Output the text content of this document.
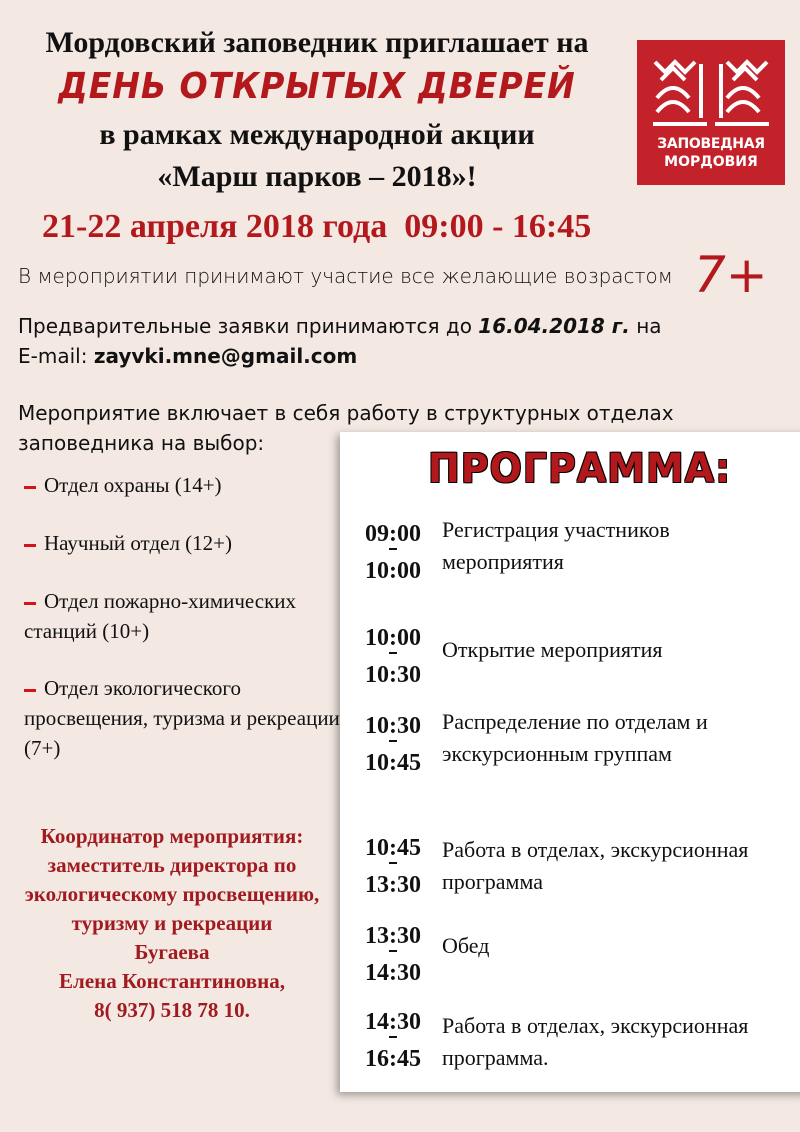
Мордовский заповедник приглашает на
ДЕНЬ ОТКРЫТЫХ ДВЕРЕЙ
в рамках международной акции
«Марш парков – 2018»!
ЗАПОВЕДНАЯ
МОРДОВИЯ
21-22 апреля 2018 года  09:00 - 16:45
В мероприятии принимают участие все желающие возрастом 7+
Предварительные заявки принимаются до 16.04.2018 г. на
E-mail: zayvki.mne@gmail.com
Мероприятие включает в себя работу в структурных отделах заповедника на выбор:
Отдел охраны (14+)
Научный отдел (12+)
Отдел пожарно-химических станций (10+)
Отдел экологического просвещения, туризма и рекреации (7+)
Координатор мероприятия:
заместитель директора по экологическому просвещению, туризму и рекреации
Бугаева
Елена Константиновна,
8( 937) 518 78 10.
ПРОГРАММА:
09:00
10:00
Регистрация участников мероприятия
10:00
10:30
Открытие мероприятия
10:30
10:45
Распределение по отделам и экскурсионным группам
10:45
13:30
Работа в отделах, экскурсионная программа
13:30
14:30
Обед
14:30
16:45
Работа в отделах, экскурсионная программа.
